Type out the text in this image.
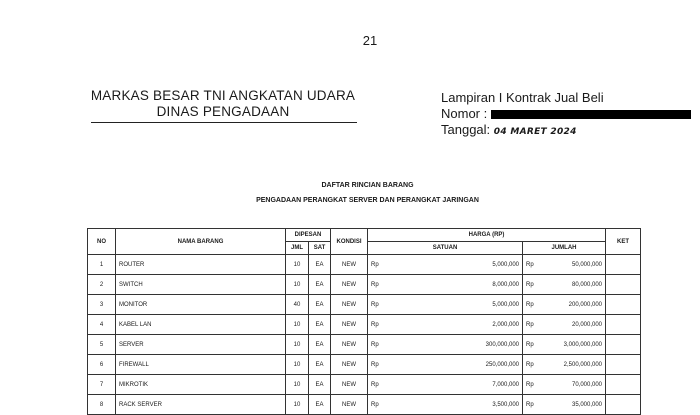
21
MARKAS BESAR TNI ANGKATAN UDARA
DINAS PENGADAAN
Lampiran I Kontrak Jual Beli
Nomor :
Tanggal: 04 MARET 2024
DAFTAR RINCIAN BARANG
PENGADAAN PERANGKAT SERVER DAN PERANGKAT JARINGAN
NO	NAMA BARANG	DIPESAN		KONDISI	HARGA (RP)		KET
		JML	SAT		SATUAN	JUMLAH	
1	ROUTER	10	EA	NEW	Rp 5,000,000	Rp 50,000,000	

2	SWITCH	10	EA	NEW	Rp 8,000,000	Rp 80,000,000	

3	MONITOR	40	EA	NEW	Rp 5,000,000	Rp 200,000,000	

4	KABEL LAN	10	EA	NEW	Rp 2,000,000	Rp 20,000,000	

5	SERVER	10	EA	NEW	Rp 300,000,000	Rp 3,000,000,000	

6	FIREWALL	10	EA	NEW	Rp 250,000,000	Rp 2,500,000,000	

7	MIKROTIK	10	EA	NEW	Rp 7,000,000	Rp 70,000,000	

8	RACK SERVER	10	EA	NEW	Rp 3,500,000	Rp 35,000,000	
